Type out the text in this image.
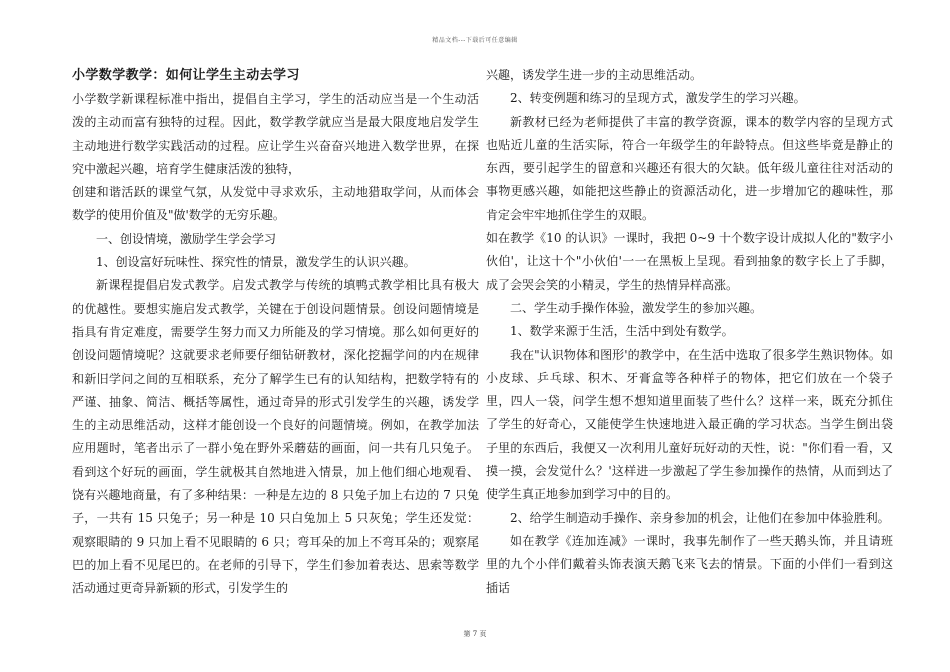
精品文档---下载后可任意编辑
小学数学教学：如何让学生主动去学习

小学数学新课程标准中指出，提倡自主学习，学生的活动应当是一个生动活泼的主动而富有独特的过程。因此，数学教学就应当是最大限度地启发学生主动地进行数学实践活动的过程。应让学生兴奋奋兴地进入数学世界，在探究中激起兴趣，培育学生健康活泼的独特，

创建和谐活跃的课堂气氛，从发觉中寻求欢乐，主动地猎取学问，从而体会数学的使用价值及"做'数学的无穷乐趣。

一、创设情境，激励学生学会学习

1、创设富好玩味性、探究性的情景，激发学生的认识兴趣。

新课程提倡启发式教学。启发式教学与传统的填鸭式教学相比具有极大的优越性。要想实施启发式教学，关键在于创设问题情景。创设问题情境是指具有肯定难度，需要学生努力而又力所能及的学习情境。那么如何更好的创设问题情境呢？这就要求老师要仔细钻研教材，深化挖掘学问的内在规律和新旧学问之间的互相联系，充分了解学生已有的认知结构，把数学特有的严谨、抽象、简洁、概括等属性，通过奇异的形式引发学生的兴趣，诱发学生的主动思维活动，这样才能创设一个良好的问题情境。例如，在教学加法应用题时，笔者出示了一群小兔在野外采蘑菇的画面，问一共有几只兔子。看到这个好玩的画面，学生就极其自然地进入情景，加上他们细心地观看、饶有兴趣地商量，有了多种结果：一种是左边的 8 只兔子加上右边的 7 只兔子，一共有 15 只兔子；另一种是 10 只白兔加上 5 只灰兔；学生还发觉：观察眼睛的 9 只加上看不见眼睛的 6 只；弯耳朵的加上不弯耳朵的；观察尾巴的加上看不见尾巴的。在老师的引导下，学生们参加着表达、思索等数学活动通过更奇异新颖的形式，引发学生的

兴趣，诱发学生进一步的主动思维活动。

2、转变例题和练习的呈现方式，激发学生的学习兴趣。

新教材已经为老师提供了丰富的教学资源，课本的数学内容的呈现方式也贴近儿童的生活实际，符合一年级学生的年龄特点。但这些毕竟是静止的东西，要引起学生的留意和兴趣还有很大的欠缺。低年级儿童往往对活动的事物更感兴趣，如能把这些静止的资源活动化，进一步增加它的趣味性，那肯定会牢牢地抓住学生的双眼。

如在教学《10 的认识》一课时，我把 0~9 十个数字设计成拟人化的"数字小伙伯'，让这十个"小伙伯'一一在黑板上呈现。看到抽象的数字长上了手脚，成了会哭会笑的小精灵，学生的热情异样高涨。

二、学生动手操作体验，激发学生的参加兴趣。

1、数学来源于生活，生活中到处有数学。

我在"认识物体和图形'的教学中，在生活中选取了很多学生熟识物体。如小皮球、乒乓球、积木、牙膏盒等各种样子的物体，把它们放在一个袋子里，四人一袋，问学生想不想知道里面装了些什么？这样一来，既充分抓住了学生的好奇心，又能使学生快速地进入最正确的学习状态。当学生倒出袋子里的东西后，我便又一次利用儿童好玩好动的天性，说："你们看一看，又摸一摸，会发觉什么？'这样进一步激起了学生参加操作的热情，从而到达了使学生真正地参加到学习中的目的。

2、给学生制造动手操作、亲身参加的机会，让他们在参加中体验胜利。

如在教学《连加连减》一课时，我事先制作了一些天鹅头饰，并且请班里的九个小伴们戴着头饰表演天鹅飞来飞去的情景。下面的小伴们一看到这插话

第 7 页
